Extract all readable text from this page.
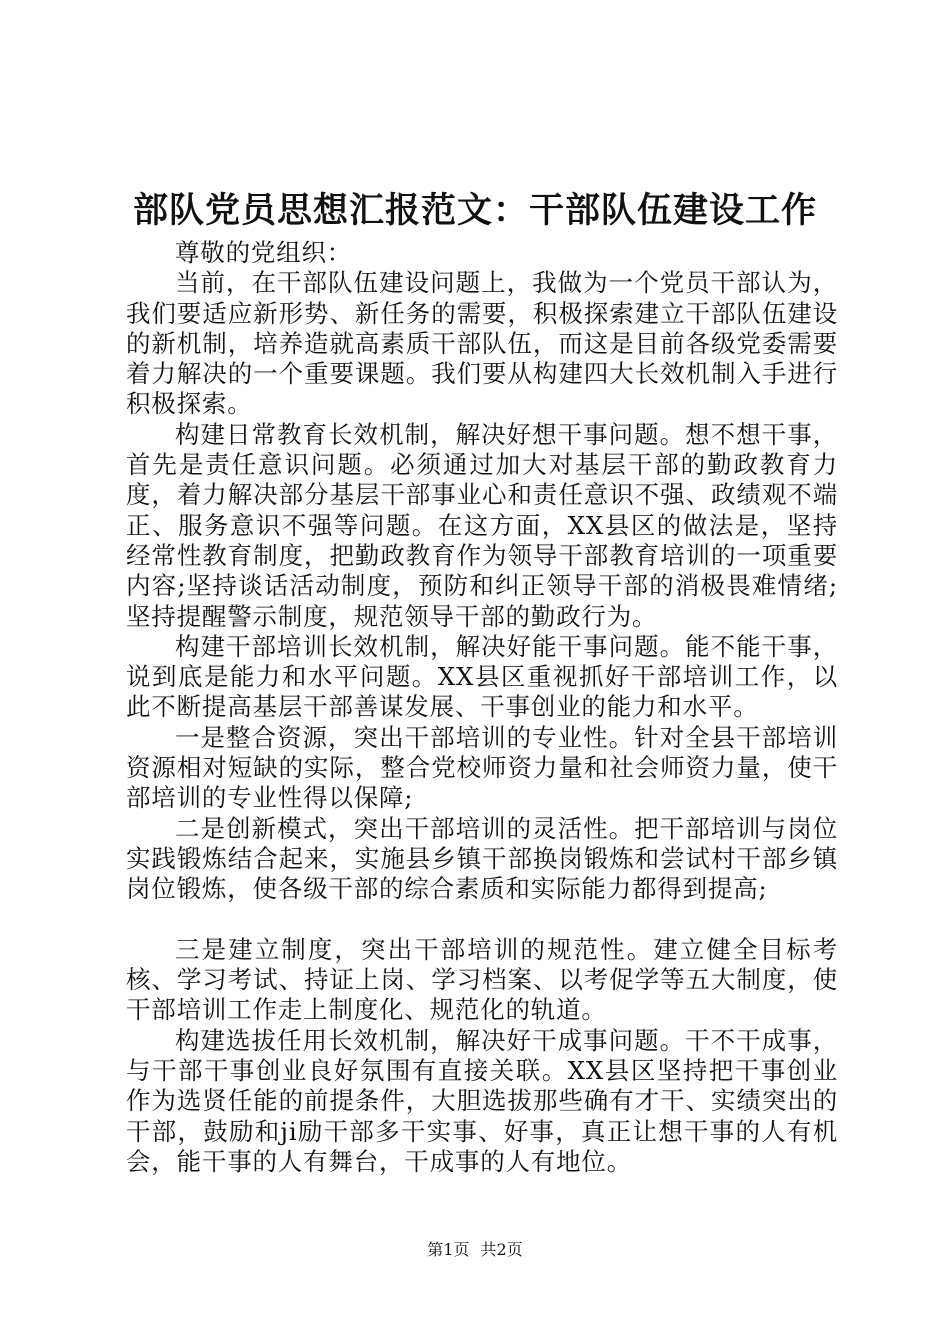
部队党员思想汇报范文：干部队伍建设工作

尊敬的党组织：

当前，在干部队伍建设问题上，我做为一个党员干部认为，我们要适应新形势、新任务的需要，积极探索建立干部队伍建设的新机制，培养造就高素质干部队伍，而这是目前各级党委需要着力解决的一个重要课题。我们要从构建四大长效机制入手进行积极探索。

构建日常教育长效机制，解决好想干事问题。想不想干事，首先是责任意识问题。必须通过加大对基层干部的勤政教育力度，着力解决部分基层干部事业心和责任意识不强、政绩观不端正、服务意识不强等问题。在这方面，XX县区的做法是，坚持经常性教育制度，把勤政教育作为领导干部教育培训的一项重要内容;坚持谈话活动制度，预防和纠正领导干部的消极畏难情绪;坚持提醒警示制度，规范领导干部的勤政行为。

构建干部培训长效机制，解决好能干事问题。能不能干事，说到底是能力和水平问题。XX县区重视抓好干部培训工作，以此不断提高基层干部善谋发展、干事创业的能力和水平。

一是整合资源，突出干部培训的专业性。针对全县干部培训资源相对短缺的实际，整合党校师资力量和社会师资力量，使干部培训的专业性得以保障;

二是创新模式，突出干部培训的灵活性。把干部培训与岗位实践锻炼结合起来，实施县乡镇干部换岗锻炼和尝试村干部乡镇岗位锻炼，使各级干部的综合素质和实际能力都得到提高;

三是建立制度，突出干部培训的规范性。建立健全目标考核、学习考试、持证上岗、学习档案、以考促学等五大制度，使干部培训工作走上制度化、规范化的轨道。

构建选拔任用长效机制，解决好干成事问题。干不干成事，与干部干事创业良好氛围有直接关联。XX县区坚持把干事创业作为选贤任能的前提条件，大胆选拔那些确有才干、实绩突出的干部，鼓励和ji励干部多干实事、好事，真正让想干事的人有机会，能干事的人有舞台，干成事的人有地位。

第1页 共2页
